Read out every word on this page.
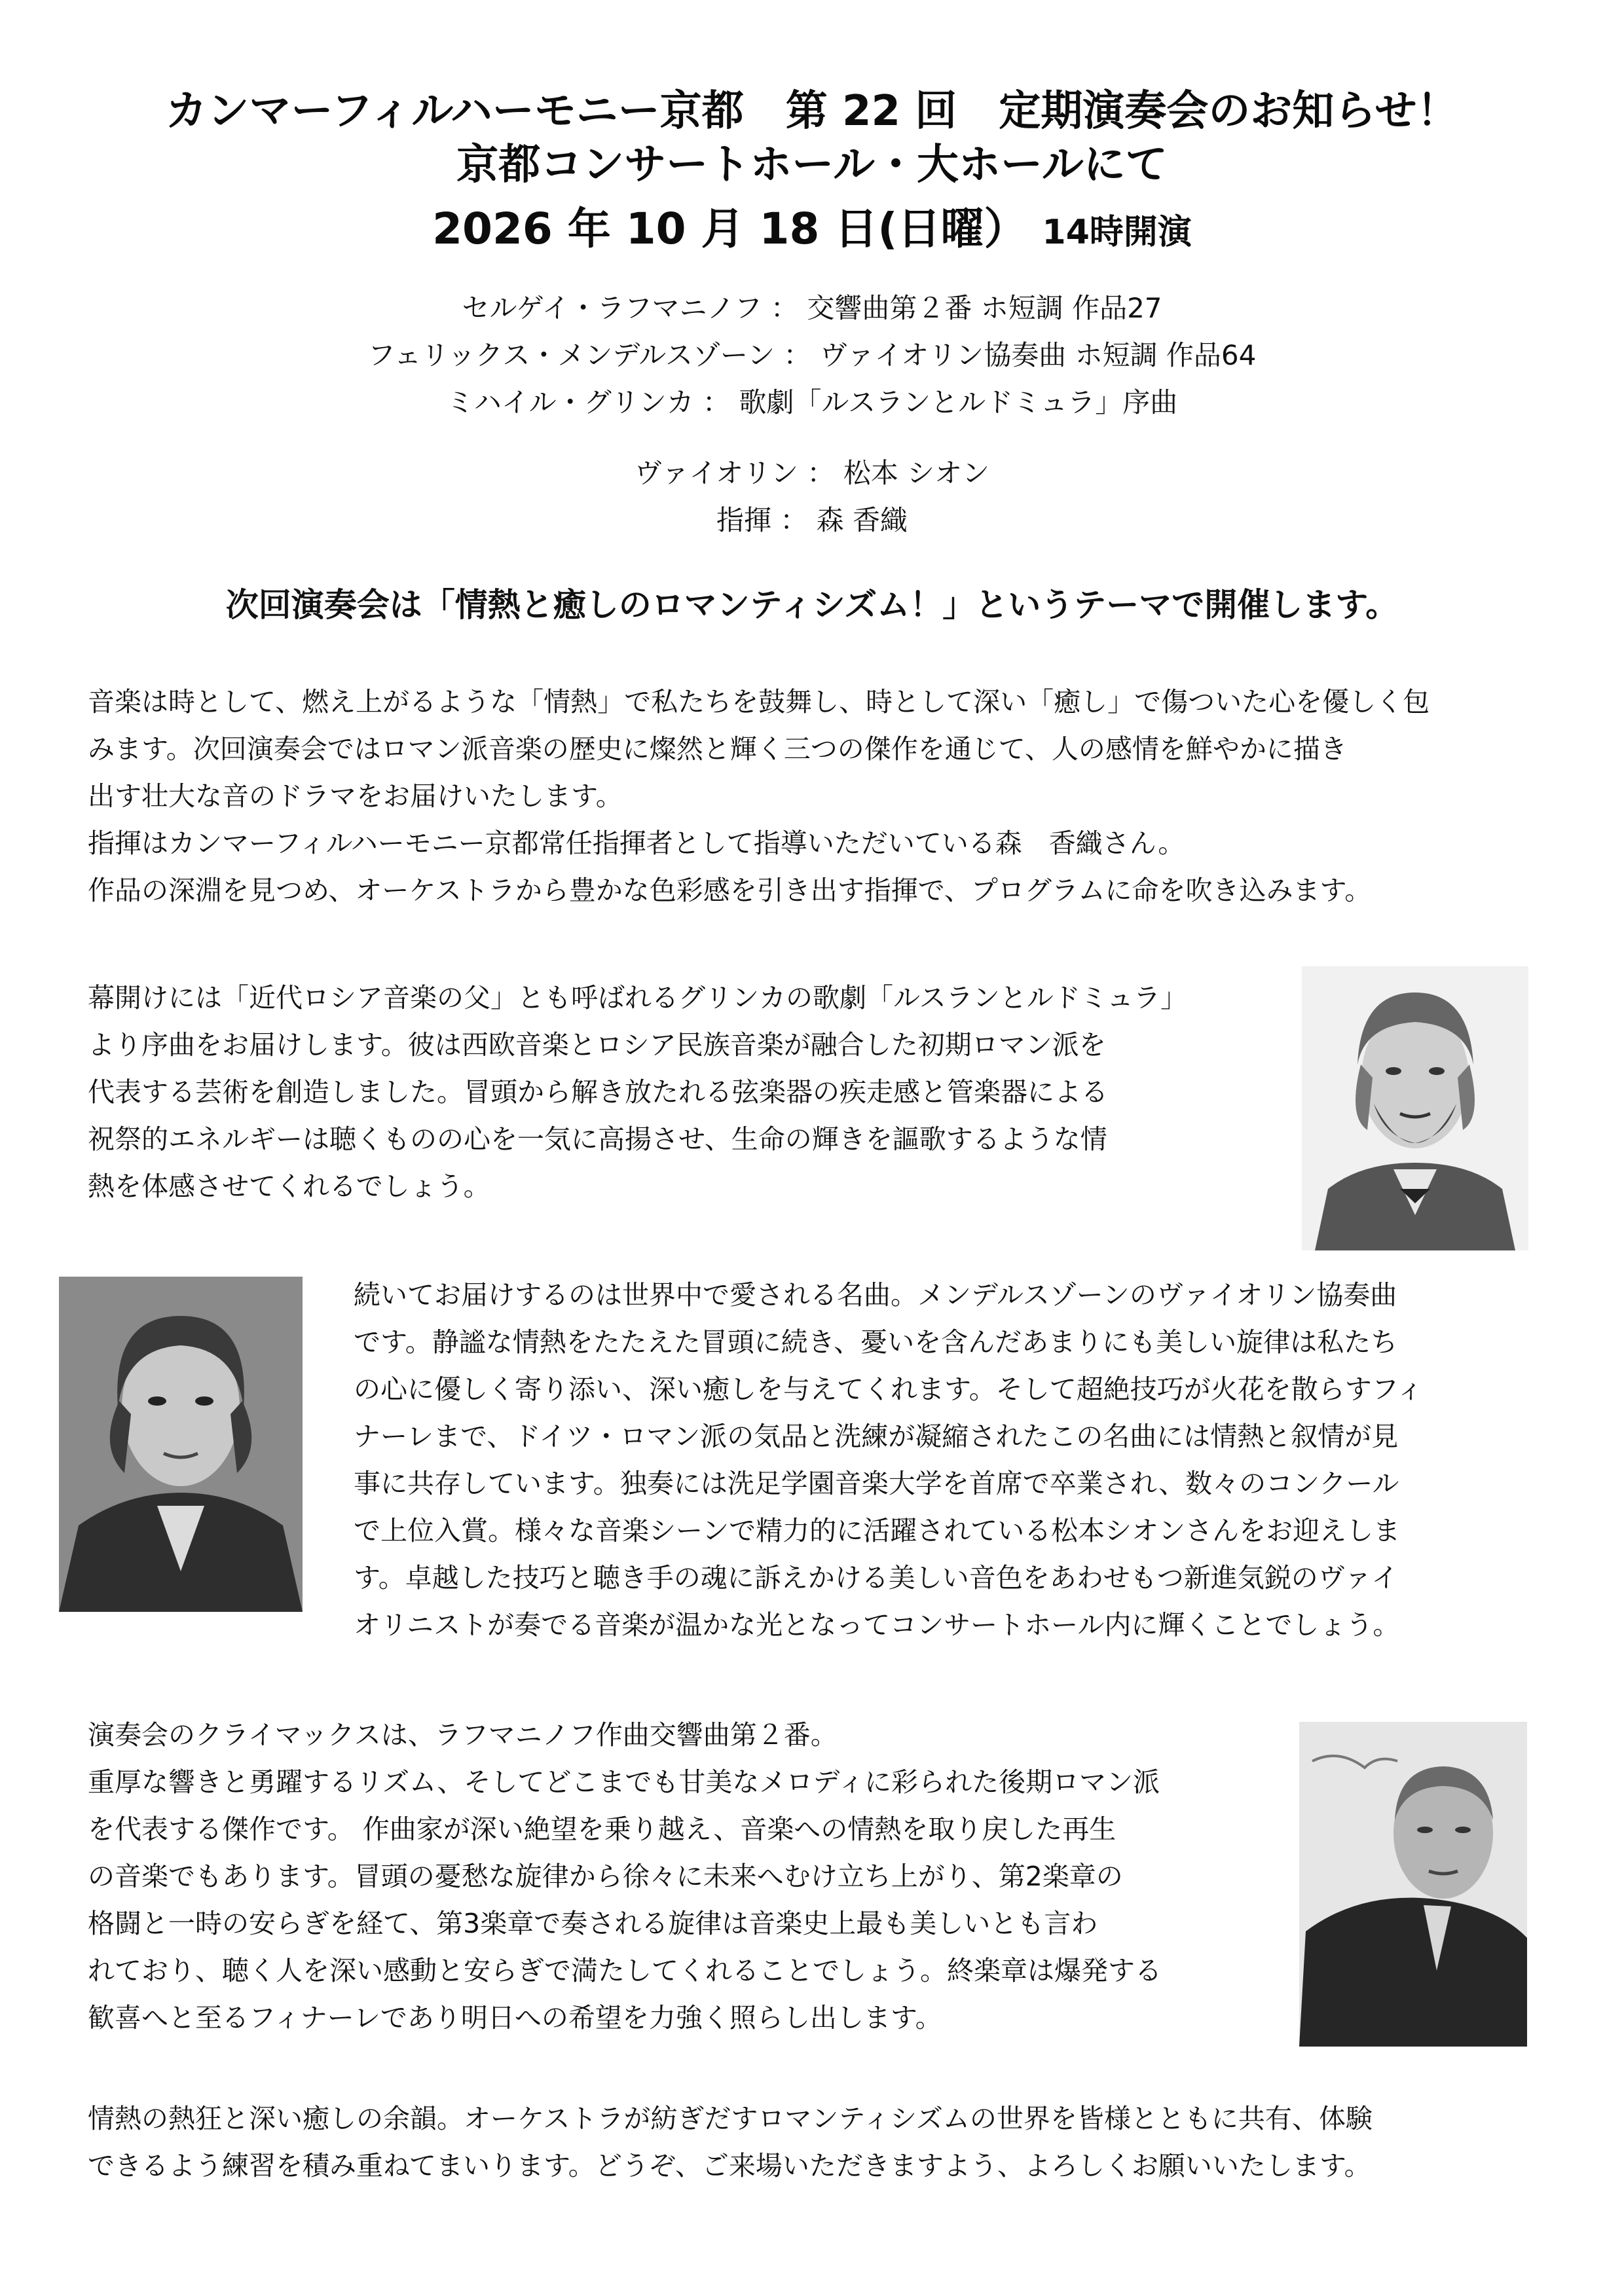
カンマーフィルハーモニー京都　第 22 回　定期演奏会のお知らせ！
京都コンサートホール・大ホールにて
2026 年 10 月 18 日(日曜） 14時開演
セルゲイ・ラフマニノフ ： 交響曲第２番 ホ短調 作品27
フェリックス・メンデルスゾーン ： ヴァイオリン協奏曲 ホ短調 作品64
ミハイル・グリンカ ： 歌劇「ルスランとルドミュラ」序曲
ヴァイオリン ： 松本 シオン
指揮 ： 森 香織
次回演奏会は「情熱と癒しのロマンティシズム！」というテーマで開催します。
音楽は時として、燃え上がるような「情熱」で私たちを鼓舞し、時として深い「癒し」で傷ついた心を優しく包
みます。次回演奏会ではロマン派音楽の歴史に燦然と輝く三つの傑作を通じて、人の感情を鮮やかに描き
出す壮大な音のドラマをお届けいたします。
指揮はカンマーフィルハーモニー京都常任指揮者として指導いただいている森　香織さん。
作品の深淵を見つめ、オーケストラから豊かな色彩感を引き出す指揮で、プログラムに命を吹き込みます。
幕開けには「近代ロシア音楽の父」とも呼ばれるグリンカの歌劇「ルスランとルドミュラ」
より序曲をお届けします。彼は西欧音楽とロシア民族音楽が融合した初期ロマン派を
代表する芸術を創造しました。冒頭から解き放たれる弦楽器の疾走感と管楽器による
祝祭的エネルギーは聴くものの心を一気に高揚させ、生命の輝きを謳歌するような情
熱を体感させてくれるでしょう。
続いてお届けするのは世界中で愛される名曲。メンデルスゾーンのヴァイオリン協奏曲
です。静謐な情熱をたたえた冒頭に続き、憂いを含んだあまりにも美しい旋律は私たち
の心に優しく寄り添い、深い癒しを与えてくれます。そして超絶技巧が火花を散らすフィ
ナーレまで、ドイツ・ロマン派の気品と洗練が凝縮されたこの名曲には情熱と叙情が見
事に共存しています。独奏には洗足学園音楽大学を首席で卒業され、数々のコンクール
で上位入賞。様々な音楽シーンで精力的に活躍されている松本シオンさんをお迎えしま
す。卓越した技巧と聴き手の魂に訴えかける美しい音色をあわせもつ新進気鋭のヴァイ
オリニストが奏でる音楽が温かな光となってコンサートホール内に輝くことでしょう。
演奏会のクライマックスは、ラフマニノフ作曲交響曲第２番。
重厚な響きと勇躍するリズム、そしてどこまでも甘美なメロディに彩られた後期ロマン派
を代表する傑作です。 作曲家が深い絶望を乗り越え、音楽への情熱を取り戻した再生
の音楽でもあります。冒頭の憂愁な旋律から徐々に未来へむけ立ち上がり、第2楽章の
格闘と一時の安らぎを経て、第3楽章で奏される旋律は音楽史上最も美しいとも言わ
れており、聴く人を深い感動と安らぎで満たしてくれることでしょう。終楽章は爆発する
歓喜へと至るフィナーレであり明日への希望を力強く照らし出します。
情熱の熱狂と深い癒しの余韻。オーケストラが紡ぎだすロマンティシズムの世界を皆様とともに共有、体験
できるよう練習を積み重ねてまいります。どうぞ、ご来場いただきますよう、よろしくお願いいたします。
